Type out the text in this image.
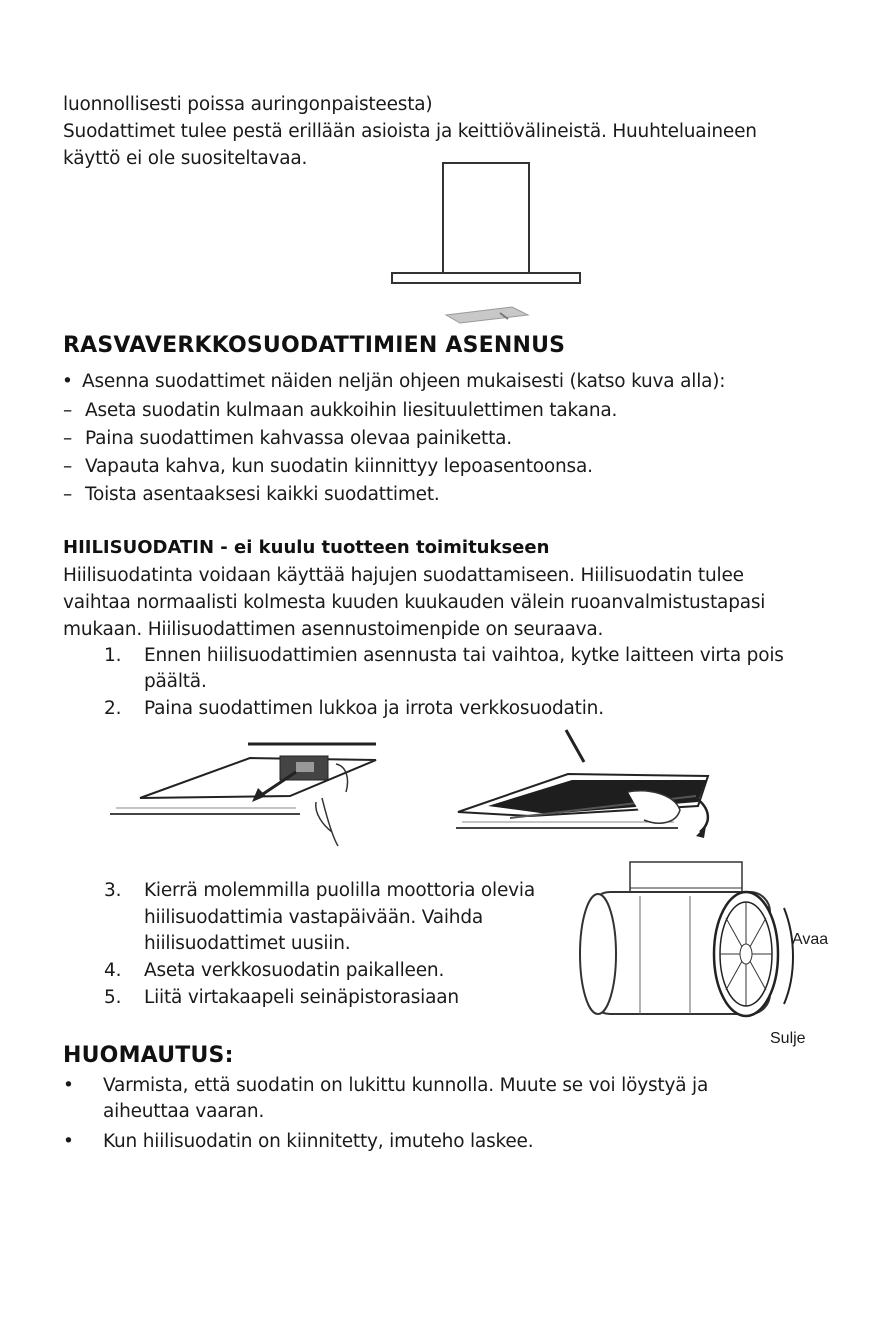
luonnollisesti poissa auringonpaisteesta)
Suodattimet tulee pestä erillään asioista ja keittiövälineistä. Huuhteluaineen
käyttö ei ole suositeltavaa.
RASVAVERKKOSUODATTIMIEN ASENNUS
• Asenna suodattimet näiden neljän ohjeen mukaisesti (katso kuva alla):
– Aseta suodatin kulmaan aukkoihin liesituulettimen takana.
– Paina suodattimen kahvassa olevaa painiketta.
– Vapauta kahva, kun suodatin kiinnittyy lepoasentoonsa.
– Toista asentaaksesi kaikki suodattimet.
HIILISUODATIN - ei kuulu tuotteen toimitukseen
Hiilisuodatinta voidaan käyttää hajujen suodattamiseen. Hiilisuodatin tulee
vaihtaa normaalisti kolmesta kuuden kuukauden välein ruoanvalmistustapasi
mukaan. Hiilisuodattimen asennustoimenpide on seuraava.
1. Ennen hiilisuodattimien asennusta tai vaihtoa, kytke laitteen virta pois
päältä.
2. Paina suodattimen lukkoa ja irrota verkkosuodatin.
3. Kierrä molemmilla puolilla moottoria olevia
hiilisuodattimia vastapäivään. Vaihda
hiilisuodattimet uusiin.
4. Aseta verkkosuodatin paikalleen.
5. Liitä virtakaapeli seinäpistorasiaan
Avaa
Sulje
HUOMAUTUS:
• Varmista, että suodatin on lukittu kunnolla. Muute se voi löystyä ja
aiheuttaa vaaran.
• Kun hiilisuodatin on kiinnitetty, imuteho laskee.
